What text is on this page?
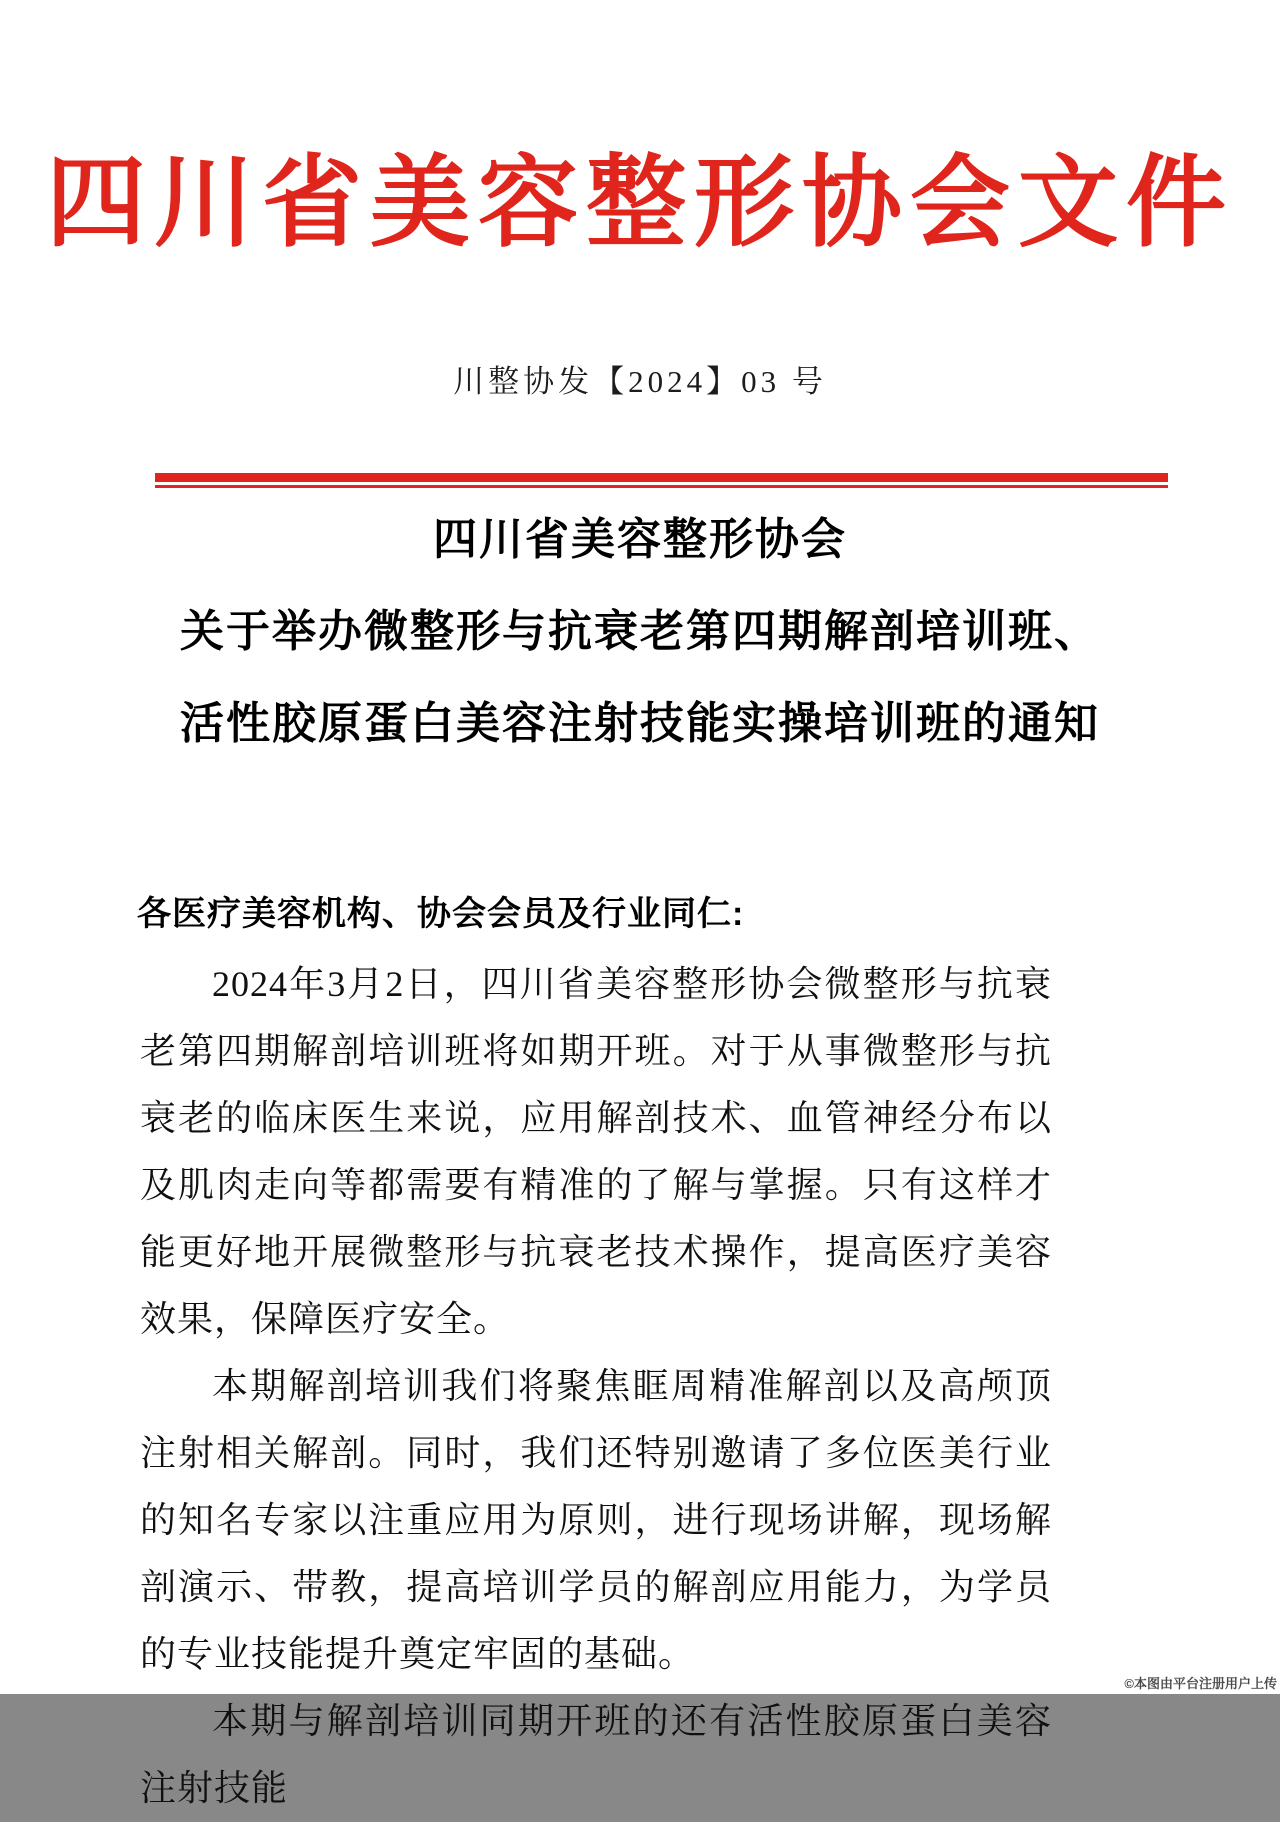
四川省美容整形协会文件
川整协发【2024】03 号
四川省美容整形协会
关于举办微整形与抗衰老第四期解剖培训班、
活性胶原蛋白美容注射技能实操培训班的通知
各医疗美容机构、协会会员及行业同仁:

2024年3月2日，四川省美容整形协会微整形与抗衰老第四期解剖培训班将如期开班。对于从事微整形与抗衰老的临床医生来说，应用解剖技术、血管神经分布以及肌肉走向等都需要有精准的了解与掌握。只有这样才能更好地开展微整形与抗衰老技术操作，提高医疗美容效果，保障医疗安全。

本期解剖培训我们将聚焦眶周精准解剖以及高颅顶注射相关解剖。同时，我们还特别邀请了多位医美行业的知名专家以注重应用为原则，进行现场讲解，现场解剖演示、带教，提高培训学员的解剖应用能力，为学员的专业技能提升奠定牢固的基础。

本期与解剖培训同期开班的还有活性胶原蛋白美容注射技能

©本图由平台注册用户上传
